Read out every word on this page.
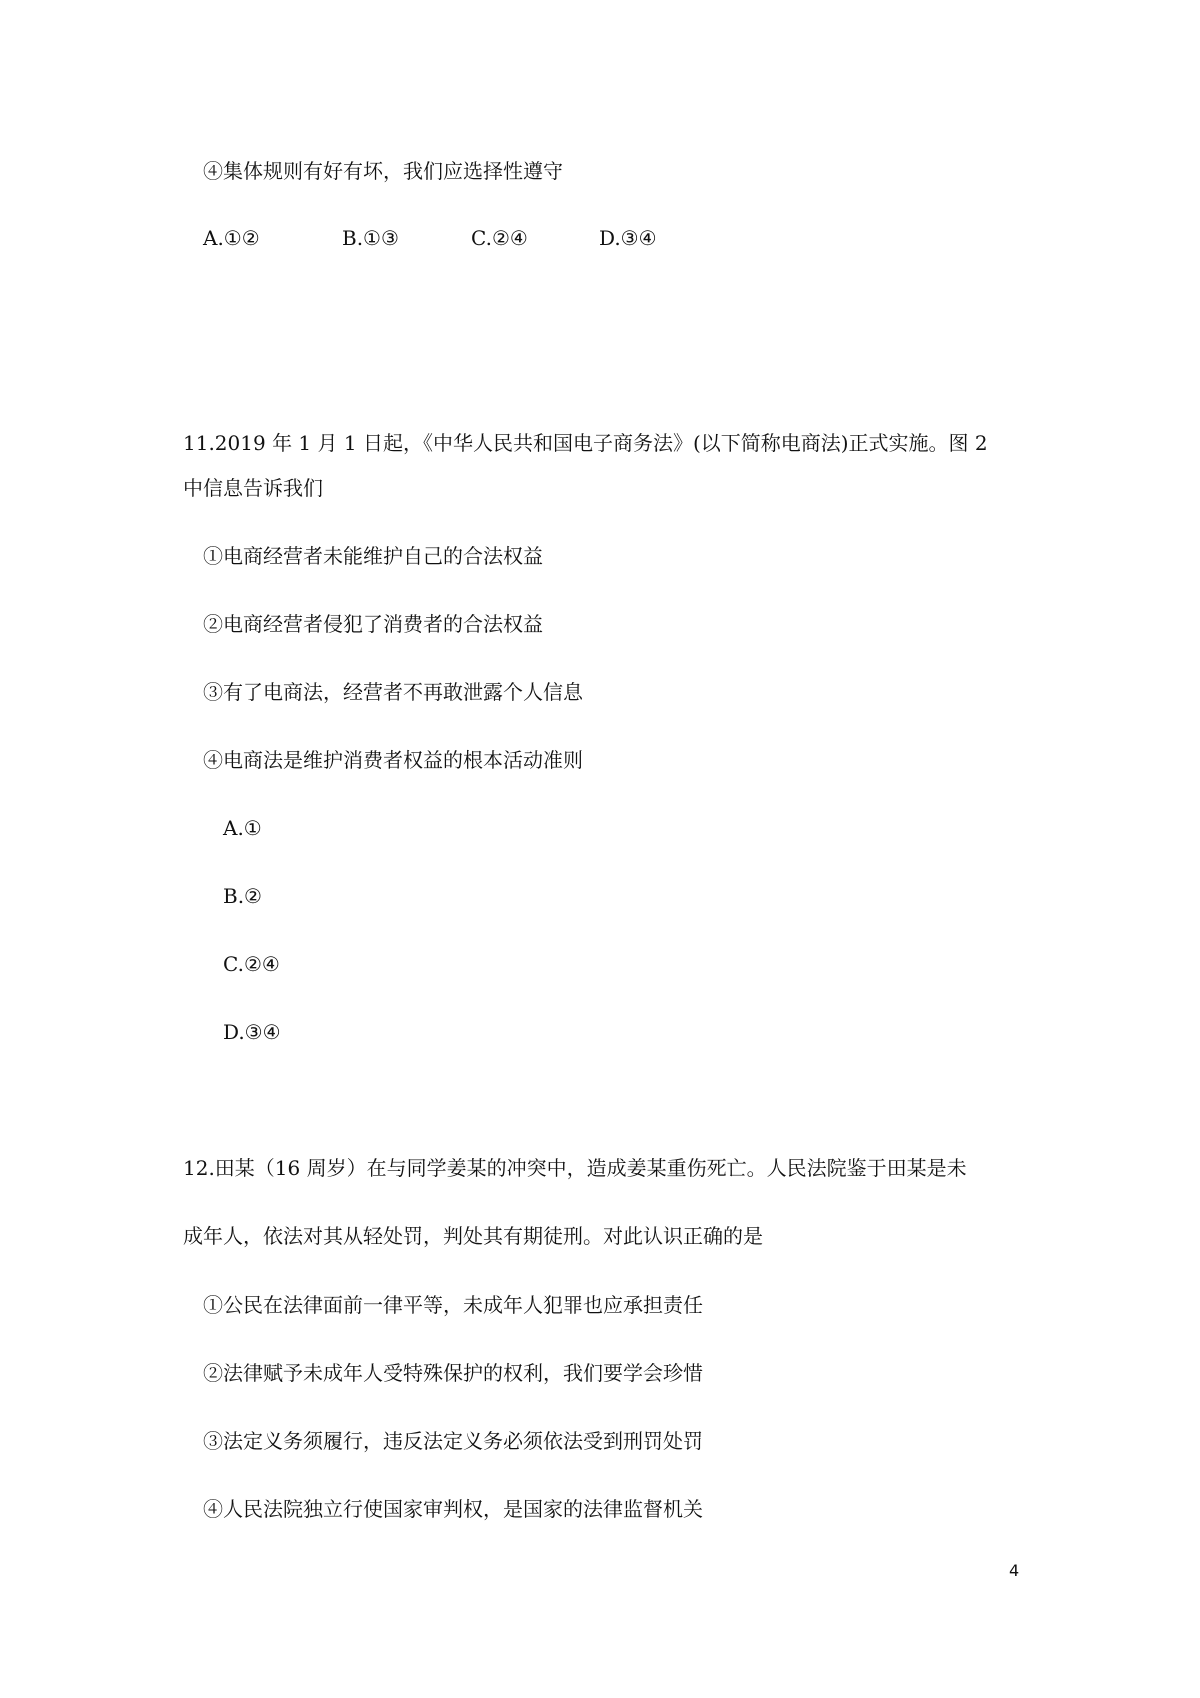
④集体规则有好有坏，我们应选择性遵守

A.①②	B.①③	C.②④	D.③④

11.2019 年 1 月 1 日起，《中华人民共和国电子商务法》(以下简称电商法)正式实施。图 2

中信息告诉我们

①电商经营者未能维护自己的合法权益

②电商经营者侵犯了消费者的合法权益

③有了电商法，经营者不再敢泄露个人信息

④电商法是维护消费者权益的根本活动准则

A.①

B.②

C.②④

D.③④

12.田某（16 周岁）在与同学姜某的冲突中，造成姜某重伤死亡。人民法院鉴于田某是未

成年人，依法对其从轻处罚，判处其有期徒刑。对此认识正确的是

①公民在法律面前一律平等，未成年人犯罪也应承担责任

②法律赋予未成年人受特殊保护的权利，我们要学会珍惜

③法定义务须履行，违反法定义务必须依法受到刑罚处罚

④人民法院独立行使国家审判权，是国家的法律监督机关

4
